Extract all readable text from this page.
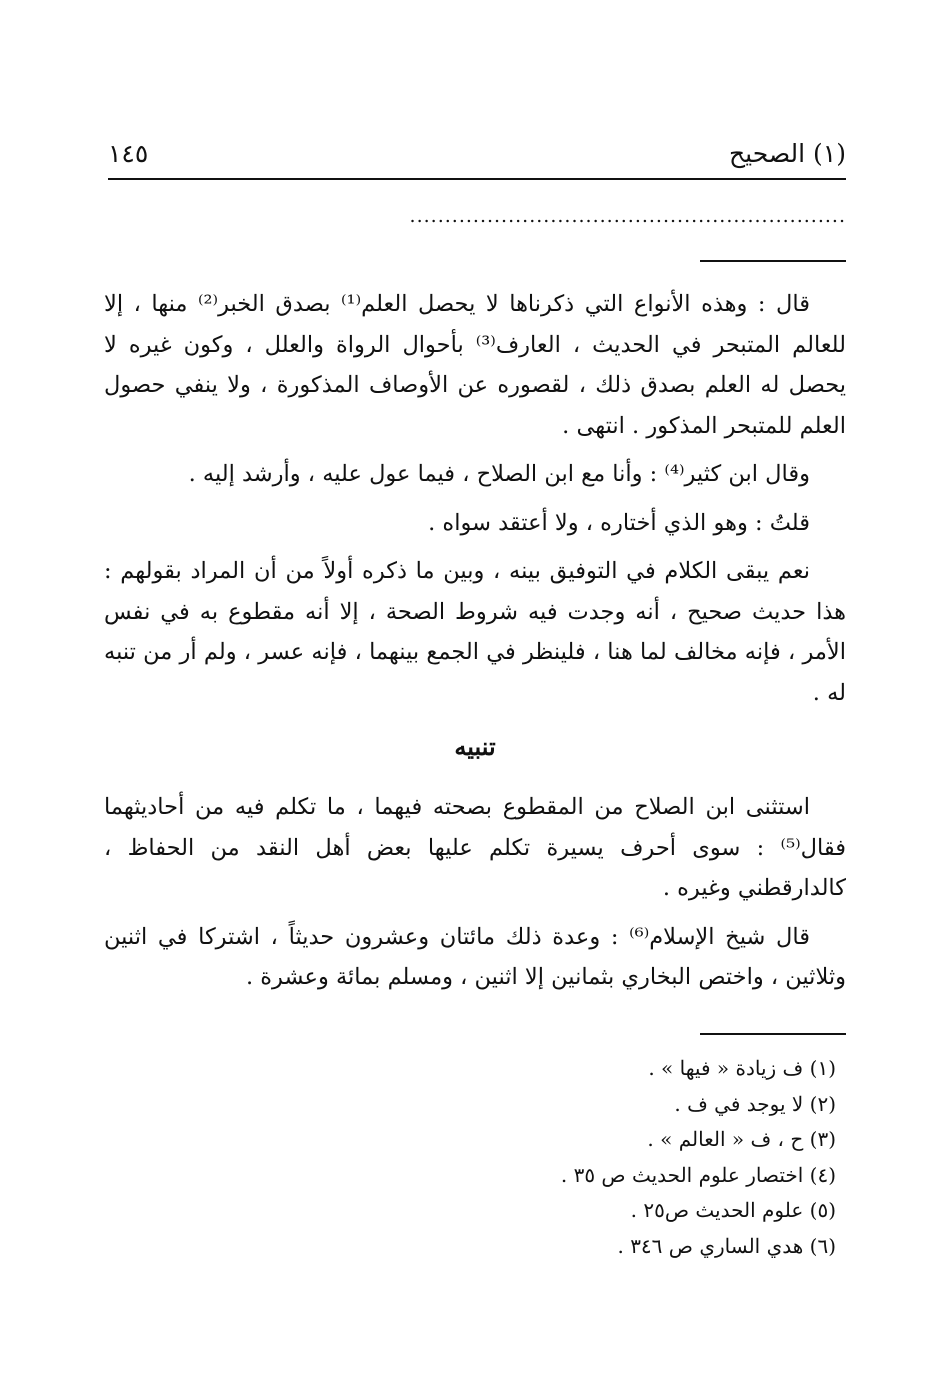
(١) الصحيح
١٤٥
..............................................................

قال : وهذه الأنواع التي ذكرناها لا يحصل العلم⁽¹⁾ بصدق الخبر⁽²⁾ منها ، إلا للعالم المتبحر في الحديث ، العارف⁽³⁾ بأحوال الرواة والعلل ، وكون غيره لا يحصل له العلم بصدق ذلك ، لقصوره عن الأوصاف المذكورة ، ولا ينفي حصول العلم للمتبحر المذكور . انتهى .

وقال ابن كثير⁽⁴⁾ : وأنا مع ابن الصلاح ، فيما عول عليه ، وأرشد إليه .

قلتُ : وهو الذي أختاره ، ولا أعتقد سواه .

نعم يبقى الكلام في التوفيق بينه ، وبين ما ذكره أولاً من أن المراد بقولهم : هذا حديث صحيح ، أنه وجدت فيه شروط الصحة ، إلا أنه مقطوع به في نفس الأمر ، فإنه مخالف لما هنا ، فلينظر في الجمع بينهما ، فإنه عسر ، ولم أر من تنبه له .

تنبيه

استثنى ابن الصلاح من المقطوع بصحته فيهما ، ما تكلم فيه من أحاديثهما فقال⁽⁵⁾ : سوى أحرف يسيرة تكلم عليها بعض أهل النقد من الحفاظ ، كالدارقطني وغيره .

قال شيخ الإسلام⁽⁶⁾ : وعدة ذلك مائتان وعشرون حديثاً ، اشتركا في اثنين وثلاثين ، واختص البخاري بثمانين إلا اثنين ، ومسلم بمائة وعشرة .

(١) ف زيادة « فيها » .
(٢) لا يوجد في ف .
(٣) ح ، ف « العالم » .
(٤) اختصار علوم الحديث ص ٣٥ .
(٥) علوم الحديث ص٢٥ .
(٦) هدي الساري ص ٣٤٦ .
